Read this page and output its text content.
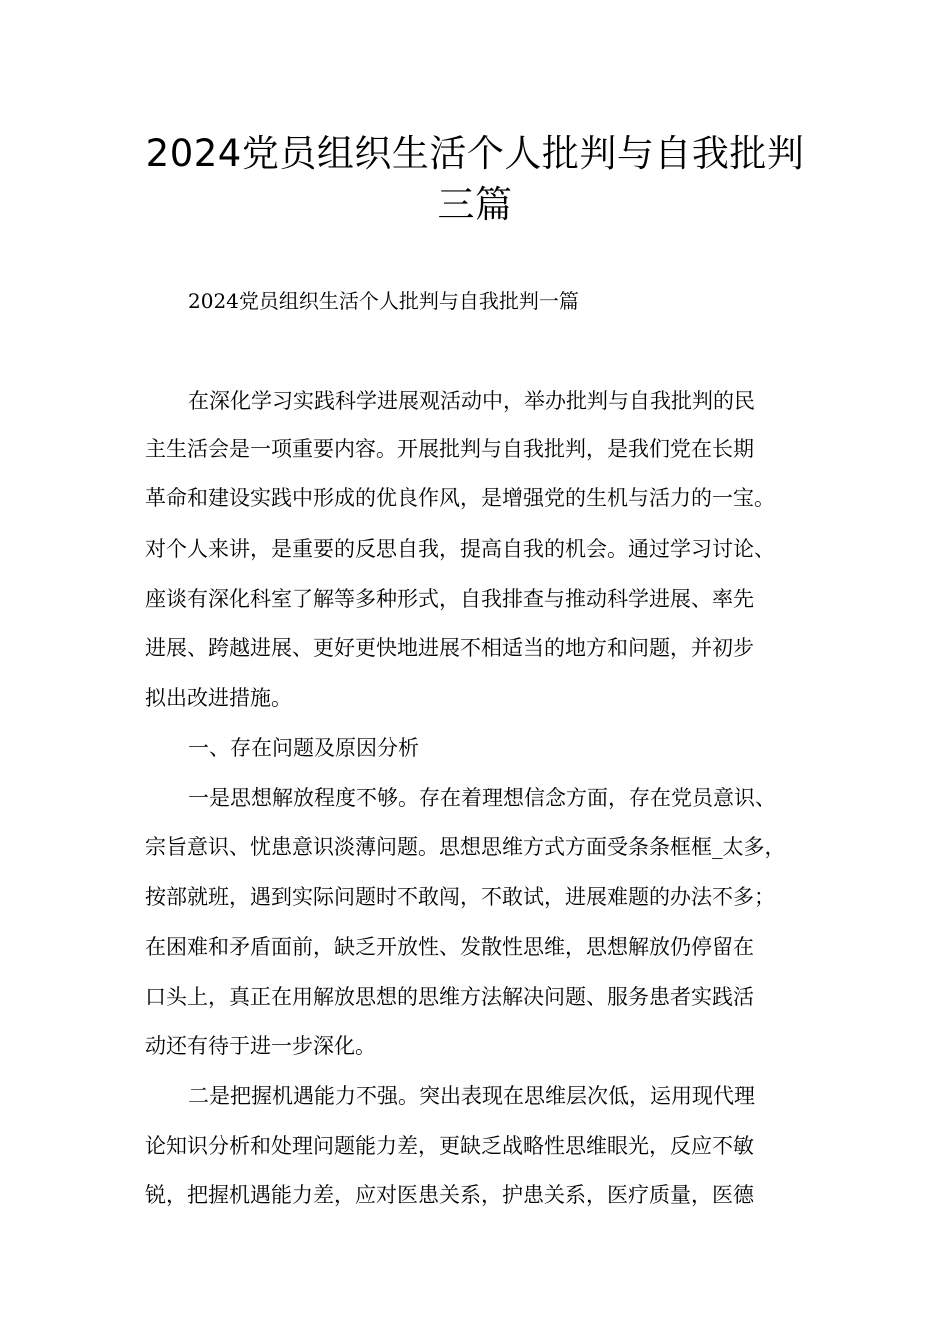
2024党员组织生活个人批判与自我批判
三篇
2024党员组织生活个人批判与自我批判一篇
在深化学习实践科学进展观活动中，举办批判与自我批判的民
主生活会是一项重要内容。开展批判与自我批判，是我们党在长期
革命和建设实践中形成的优良作风，是增强党的生机与活力的一宝。
对个人来讲，是重要的反思自我，提高自我的机会。通过学习讨论、
座谈有深化科室了解等多种形式，自我排查与推动科学进展、率先
进展、跨越进展、更好更快地进展不相适当的地方和问题，并初步
拟出改进措施。
一、存在问题及原因分析
一是思想解放程度不够。存在着理想信念方面，存在党员意识、
宗旨意识、忧患意识淡薄问题。思想思维方式方面受条条框框_太多，
按部就班，遇到实际问题时不敢闯，不敢试，进展难题的办法不多；
在困难和矛盾面前，缺乏开放性、发散性思维，思想解放仍停留在
口头上，真正在用解放思想的思维方法解决问题、服务患者实践活
动还有待于进一步深化。
二是把握机遇能力不强。突出表现在思维层次低，运用现代理
论知识分析和处理问题能力差，更缺乏战略性思维眼光，反应不敏
锐，把握机遇能力差，应对医患关系，护患关系，医疗质量，医德
